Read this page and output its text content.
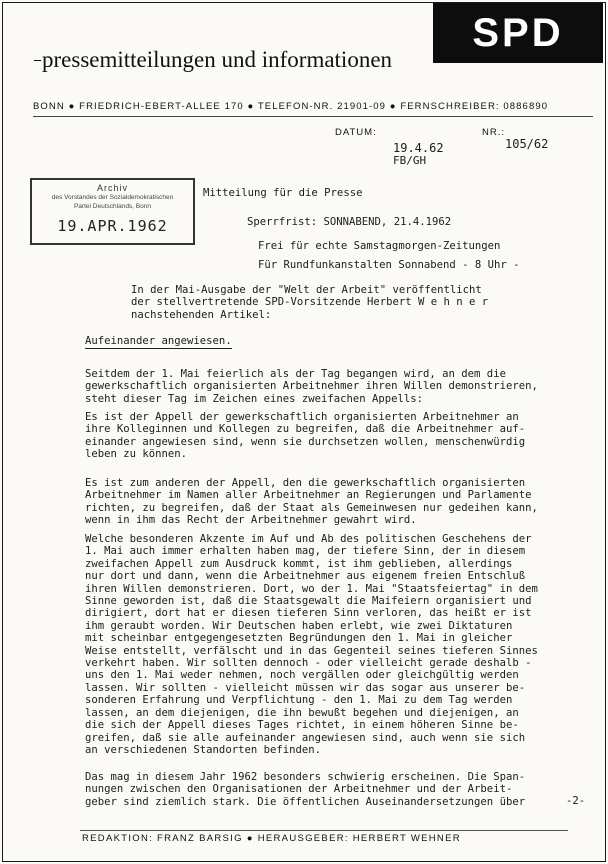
SPD
pressemitteilungen und informationen
BONN ● FRIEDRICH-EBERT-ALLEE 170 ● TELEFON-NR. 21901-09 ● FERNSCHREIBER: 0886890
DATUM:	NR.:
19.4.62
FB/GH
105/62
Archiv
des Vorstandes der Sozialdemokratischen
Partei Deutschlands, Bonn
19.APR.1962
Mitteilung für die Presse
Sperrfrist: SONNABEND, 21.4.1962
Frei für echte Samstagmorgen-Zeitungen
Für Rundfunkanstalten Sonnabend - 8 Uhr -
In der Mai-Ausgabe der "Welt der Arbeit" veröffentlicht
der stellvertretende SPD-Vorsitzende Herbert W e h n e r
nachstehenden Artikel:
Aufeinander angewiesen.
Seitdem der 1. Mai feierlich als der Tag begangen wird, an dem die
gewerkschaftlich organisierten Arbeitnehmer ihren Willen demonstrieren,
steht dieser Tag im Zeichen eines zweifachen Appells:
Es ist der Appell der gewerkschaftlich organisierten Arbeitnehmer an
ihre Kolleginnen und Kollegen zu begreifen, daß die Arbeitnehmer auf-
einander angewiesen sind, wenn sie durchsetzen wollen, menschenwürdig
leben zu können.
Es ist zum anderen der Appell, den die gewerkschaftlich organisierten
Arbeitnehmer im Namen aller Arbeitnehmer an Regierungen und Parlamente
richten, zu begreifen, daß der Staat als Gemeinwesen nur gedeihen kann,
wenn in ihm das Recht der Arbeitnehmer gewahrt wird.
Welche besonderen Akzente im Auf und Ab des politischen Geschehens der
1. Mai auch immer erhalten haben mag, der tiefere Sinn, der in diesem
zweifachen Appell zum Ausdruck kommt, ist ihm geblieben, allerdings
nur dort und dann, wenn die Arbeitnehmer aus eigenem freien Entschluß
ihren Willen demonstrieren. Dort, wo der 1. Mai "Staatsfeiertag" in dem
Sinne geworden ist, daß die Staatsgewalt die Maifeiern organisiert und
dirigiert, dort hat er diesen tieferen Sinn verloren, das heißt er ist
ihm geraubt worden. Wir Deutschen haben erlebt, wie zwei Diktaturen
mit scheinbar entgegengesetzten Begründungen den 1. Mai in gleicher
Weise entstellt, verfälscht und in das Gegenteil seines tieferen Sinnes
verkehrt haben. Wir sollten dennoch - oder vielleicht gerade deshalb -
uns den 1. Mai weder nehmen, noch vergällen oder gleichgültig werden
lassen. Wir sollten - vielleicht müssen wir das sogar aus unserer be-
sonderen Erfahrung und Verpflichtung - den 1. Mai zu dem Tag werden
lassen, an dem diejenigen, die ihn bewußt begehen und diejenigen, an
die sich der Appell dieses Tages richtet, in einem höheren Sinne be-
greifen, daß sie alle aufeinander angewiesen sind, auch wenn sie sich
an verschiedenen Standorten befinden.
Das mag in diesem Jahr 1962 besonders schwierig erscheinen. Die Span-
nungen zwischen den Organisationen der Arbeitnehmer und der Arbeit-
geber sind ziemlich stark. Die öffentlichen Auseinandersetzungen über	-2-
REDAKTION: FRANZ BARSIG ● HERAUSGEBER: HERBERT WEHNER
